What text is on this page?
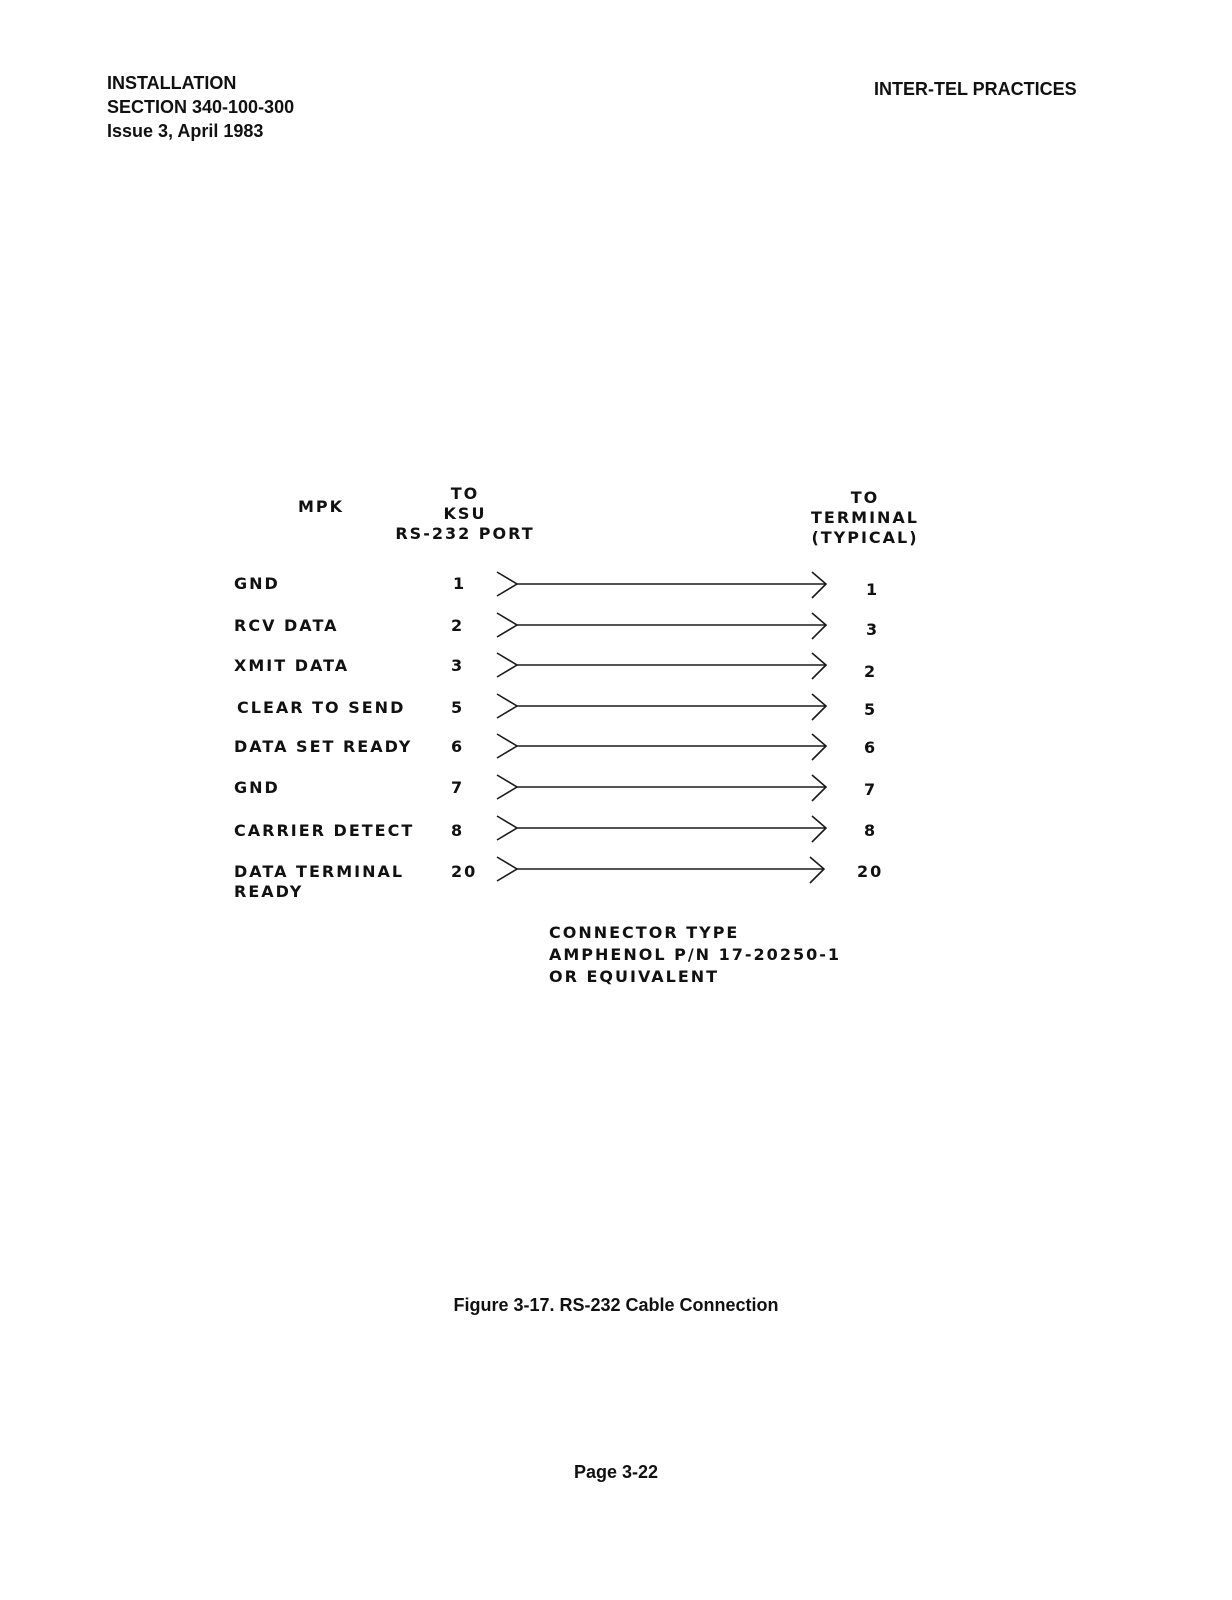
INSTALLATION
SECTION 340-100-300
Issue 3, April 1983
INTER-TEL PRACTICES
MPK
TO
KSU
RS-232 PORT
TO
TERMINAL
(TYPICAL)
GND
RCV DATA
XMIT DATA
CLEAR TO SEND
DATA SET READY
GND
CARRIER DETECT
DATA TERMINAL READY
1
2
3
5
6
7
8
20
1
3
2
5
6
7
8
20
CONNECTOR TYPE
AMPHENOL P/N 17-20250-1
OR EQUIVALENT
Figure 3-17. RS-232 Cable Connection
Page 3-22
